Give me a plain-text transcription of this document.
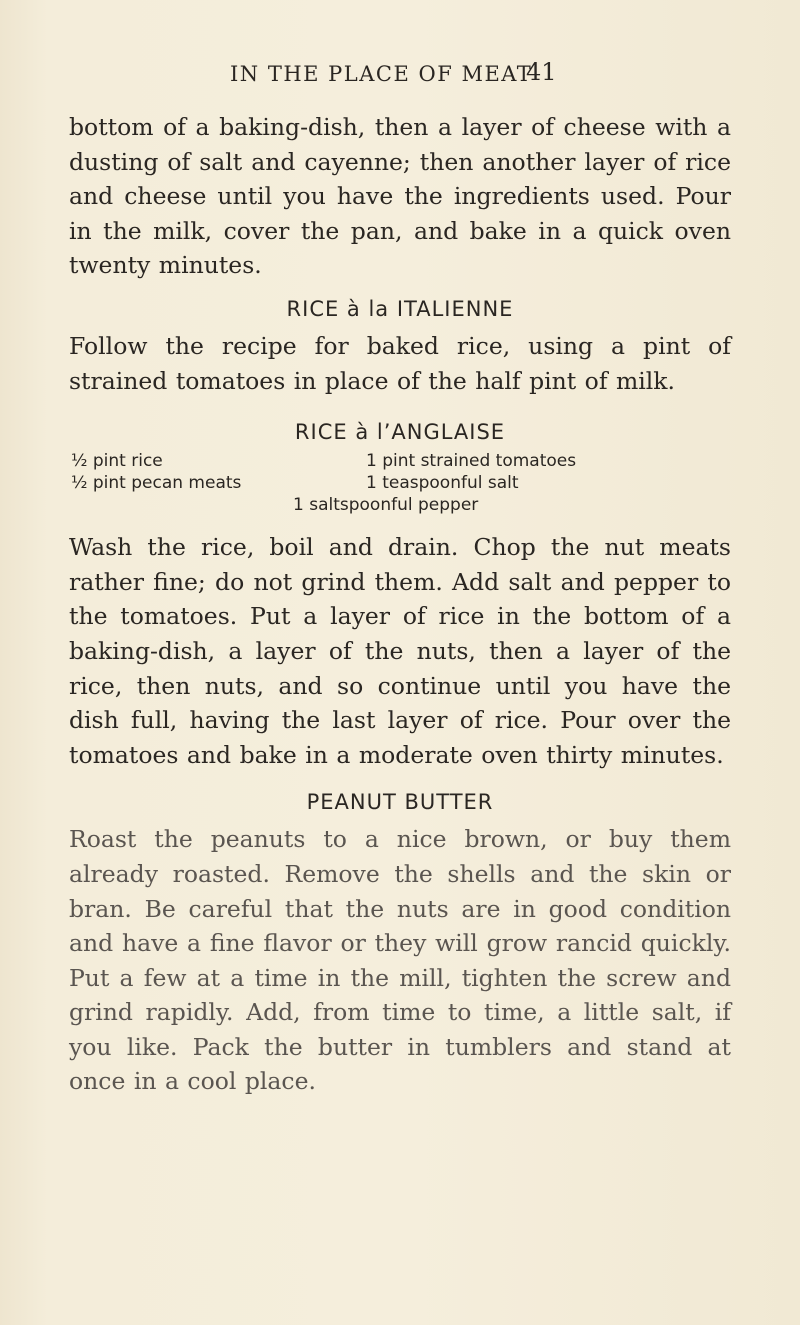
IN THE PLACE OF MEAT
41

bottom of a baking-dish, then a layer of cheese with a dusting of salt and cayenne; then another layer of rice and cheese until you have the ingredients used. Pour in the milk, cover the pan, and bake in a quick oven twenty minutes.

RICE à la ITALIENNE

Follow the recipe for baked rice, using a pint of strained tomatoes in place of the half pint of milk.

RICE à l’ANGLAISE
½ pint rice	1 pint strained tomatoes
½ pint pecan meats	1 teaspoonful salt
1 saltspoonful pepper

Wash the rice, boil and drain. Chop the nut meats rather fine; do not grind them. Add salt and pepper to the tomatoes. Put a layer of rice in the bottom of a baking-dish, a layer of the nuts, then a layer of the rice, then nuts, and so continue until you have the dish full, having the last layer of rice. Pour over the tomatoes and bake in a moderate oven thirty minutes.

PEANUT BUTTER

Roast the peanuts to a nice brown, or buy them already roasted. Remove the shells and the skin or bran. Be careful that the nuts are in good condition and have a fine flavor or they will grow rancid quickly. Put a few at a time in the mill, tighten the screw and grind rapidly. Add, from time to time, a little salt, if you like. Pack the butter in tumblers and stand at once in a cool place.
